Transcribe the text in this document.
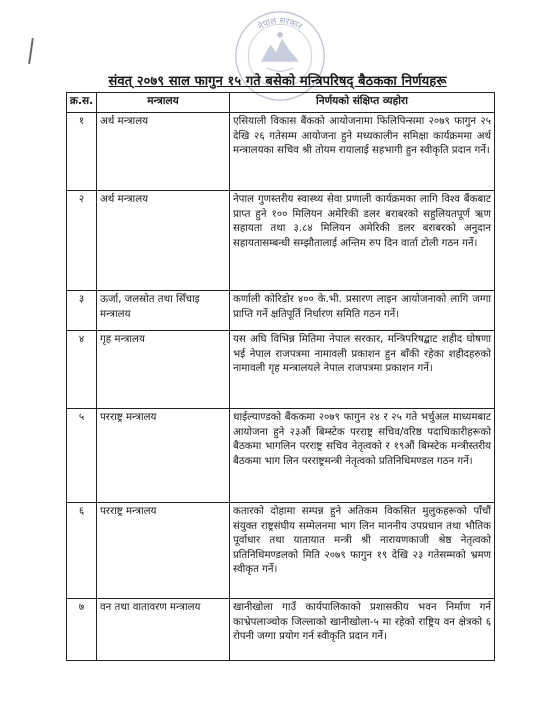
नेपाल सरकार
संवत् २०७९ साल फागुन १५ गते बसेको मन्त्रिपरिषद् बैठकका निर्णयहरू
क्र.स.	मन्त्रालय	निर्णयको संक्षिप्त व्यहोरा
१	अर्थ मन्त्रालय	एसियाली विकास बैंकको आयोजनामा फिलिपिन्समा २०७९ फागुन २५ देखि २६ गतेसम्म आयोजना हुने मध्यकालीन समिक्षा कार्यक्रममा अर्थ मन्त्रालयका सचिव श्री तोयम रायालाई सहभागी हुन स्वीकृति प्रदान गर्ने।
२	अर्थ मन्त्रालय	नेपाल गुणस्तरीय स्वास्थ्य सेवा प्रणाली कार्यक्रमका लागि विश्व बैंकबाट प्राप्त हुने १०० मिलियन अमेरिकी डलर बराबरको सहुलियतपूर्ण ऋण सहायता तथा ३.८४ मिलियन अमेरिकी डलर बराबरको अनुदान सहायतासम्बन्धी सम्झौतालाई अन्तिम रुप दिन वार्ता टोली गठन गर्ने।
३	ऊर्जा, जलस्रोत तथा सिँचाइ मन्त्रालय	कर्णाली कोरिडोर ४०० के.भी. प्रसारण लाइन आयोजनाको लागि जग्गा प्राप्ति गर्ने क्षतिपूर्ति निर्धारण समिति गठन गर्ने।
४	गृह मन्त्रालय	यस अघि विभिन्न मितिमा नेपाल सरकार, मन्त्रिपरिषद्बाट शहीद घोषणा भई नेपाल राजपत्रमा नामावली प्रकाशन हुन बाँकी रहेका शहीदहरुको नामावली गृह मन्त्रालयले नेपाल राजपत्रमा प्रकाशन गर्ने।
५	परराष्ट्र मन्त्रालय	थाईल्याण्डको बैंककमा २०७९ फागुन २४ र २५ गते भर्चुअल माध्यमबाट आयोजना हुने २३औं बिम्स्टेक परराष्ट्र सचिव/वरिष्ठ पदाधिकारीहरूको बैठकमा भागलिन परराष्ट्र सचिव नेतृत्वको र १९औं बिम्स्टेक मन्त्रीस्तरीय बैठकमा भाग लिन परराष्ट्रमन्त्री नेतृत्वको प्रतिनिधिमण्डल गठन गर्ने।
६	परराष्ट्र मन्त्रालय	कतारको दोहामा सम्पन्न हुने अतिकम विकसित मुलुकहरूको पाँचौं संयुक्त राष्ट्रसंघीय सम्मेलनमा भाग लिन माननीय उपप्रधान तथा भौतिक पूर्वाधार तथा यातायात मन्त्री श्री नारायणकाजी श्रेष्ठ नेतृत्वको प्रतिनिधिमण्डलको मिति २०७९ फागुन १९ देखि २३ गतेसम्मको भ्रमण स्वीकृत गर्ने।
७	वन तथा वातावरण मन्त्रालय	खानीखोला गाउँ कार्यपालिकाको प्रशासकीय भवन निर्माण गर्न काभ्रेपलाञ्चोक जिल्लाको खानीखोला-५ मा रहेको राष्ट्रिय वन क्षेत्रको ६ रोपनी जग्गा प्रयोग गर्न स्वीकृति प्रदान गर्ने।
